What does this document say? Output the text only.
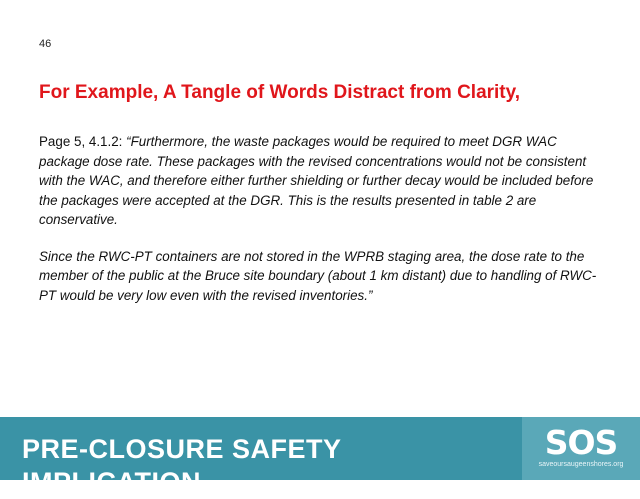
46
For Example, A Tangle of Words Distract from Clarity,

Page 5, 4.1.2: “Furthermore, the waste packages would be required to meet DGR WAC package dose rate. These packages with the revised concentrations would not be consistent with the WAC, and therefore either further shielding or further decay would be included before the packages were accepted at the DGR. This is the results presented in table 2 are conservative.

Since the RWC-PT containers are not stored in the WPRB staging area, the dose rate to the member of the public at the Bruce site boundary (about 1 km distant) due to handling of RWC-PT would be very low even with the revised inventories.”

PRE-CLOSURE SAFETY
IMPLICATION
SOS
saveoursaugeenshores.org
